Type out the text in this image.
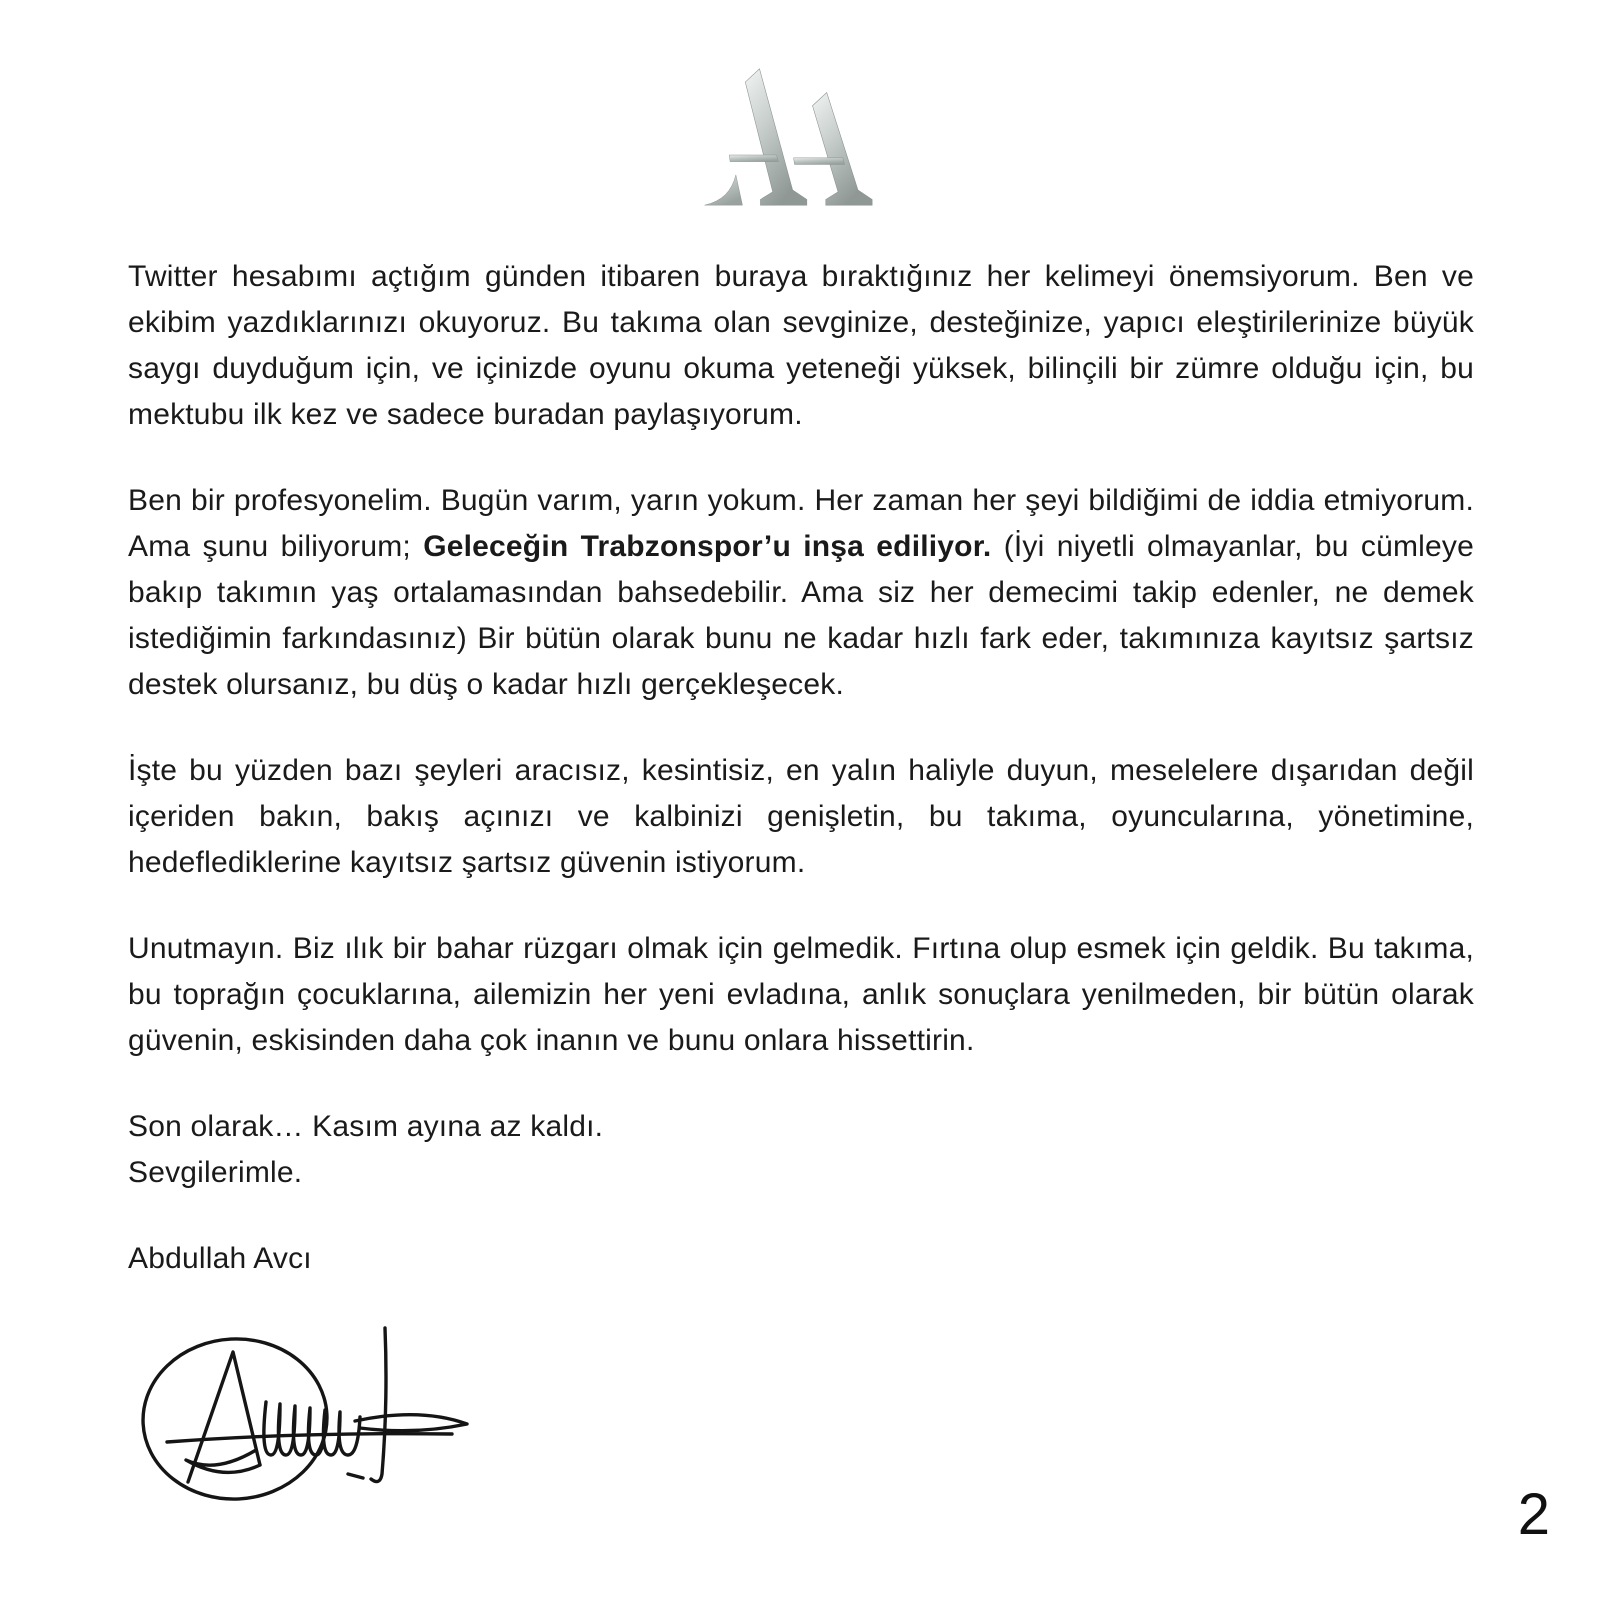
Twitter hesabımı açtığım günden itibaren buraya bıraktığınız her kelimeyi önemsiyorum. Ben ve ekibim yazdıklarınızı okuyoruz. Bu takıma olan sevginize, desteğinize, yapıcı eleştirilerinize büyük saygı duyduğum için, ve içinizde oyunu okuma yeteneği yüksek, bilinçili bir zümre olduğu için, bu mektubu ilk kez ve sadece buradan paylaşıyorum.

Ben bir profesyonelim. Bugün varım, yarın yokum. Her zaman her şeyi bildiğimi de iddia etmiyorum. Ama şunu biliyorum; Geleceğin Trabzonspor’u inşa ediliyor. (İyi niyetli olmayanlar, bu cümleye bakıp takımın yaş ortalamasından bahsedebilir. Ama siz her demecimi takip edenler, ne demek istediğimin farkındasınız) Bir bütün olarak bunu ne kadar hızlı fark eder, takımınıza kayıtsız şartsız destek olursanız, bu düş o kadar hızlı gerçekleşecek.

İşte bu yüzden bazı şeyleri aracısız, kesintisiz, en yalın haliyle duyun, meselelere dışarıdan değil içeriden bakın, bakış açınızı ve kalbinizi genişletin, bu takıma, oyuncularına, yönetimine, hedeflediklerine kayıtsız şartsız güvenin istiyorum.

Unutmayın. Biz ılık bir bahar rüzgarı olmak için gelmedik. Fırtına olup esmek için geldik. Bu takıma, bu toprağın çocuklarına, ailemizin her yeni evladına, anlık sonuçlara yenilmeden, bir bütün olarak güvenin, eskisinden daha çok inanın ve bunu onlara hissettirin.

Son olarak… Kasım ayına az kaldı.

Sevgilerimle.

Abdullah Avcı

2
